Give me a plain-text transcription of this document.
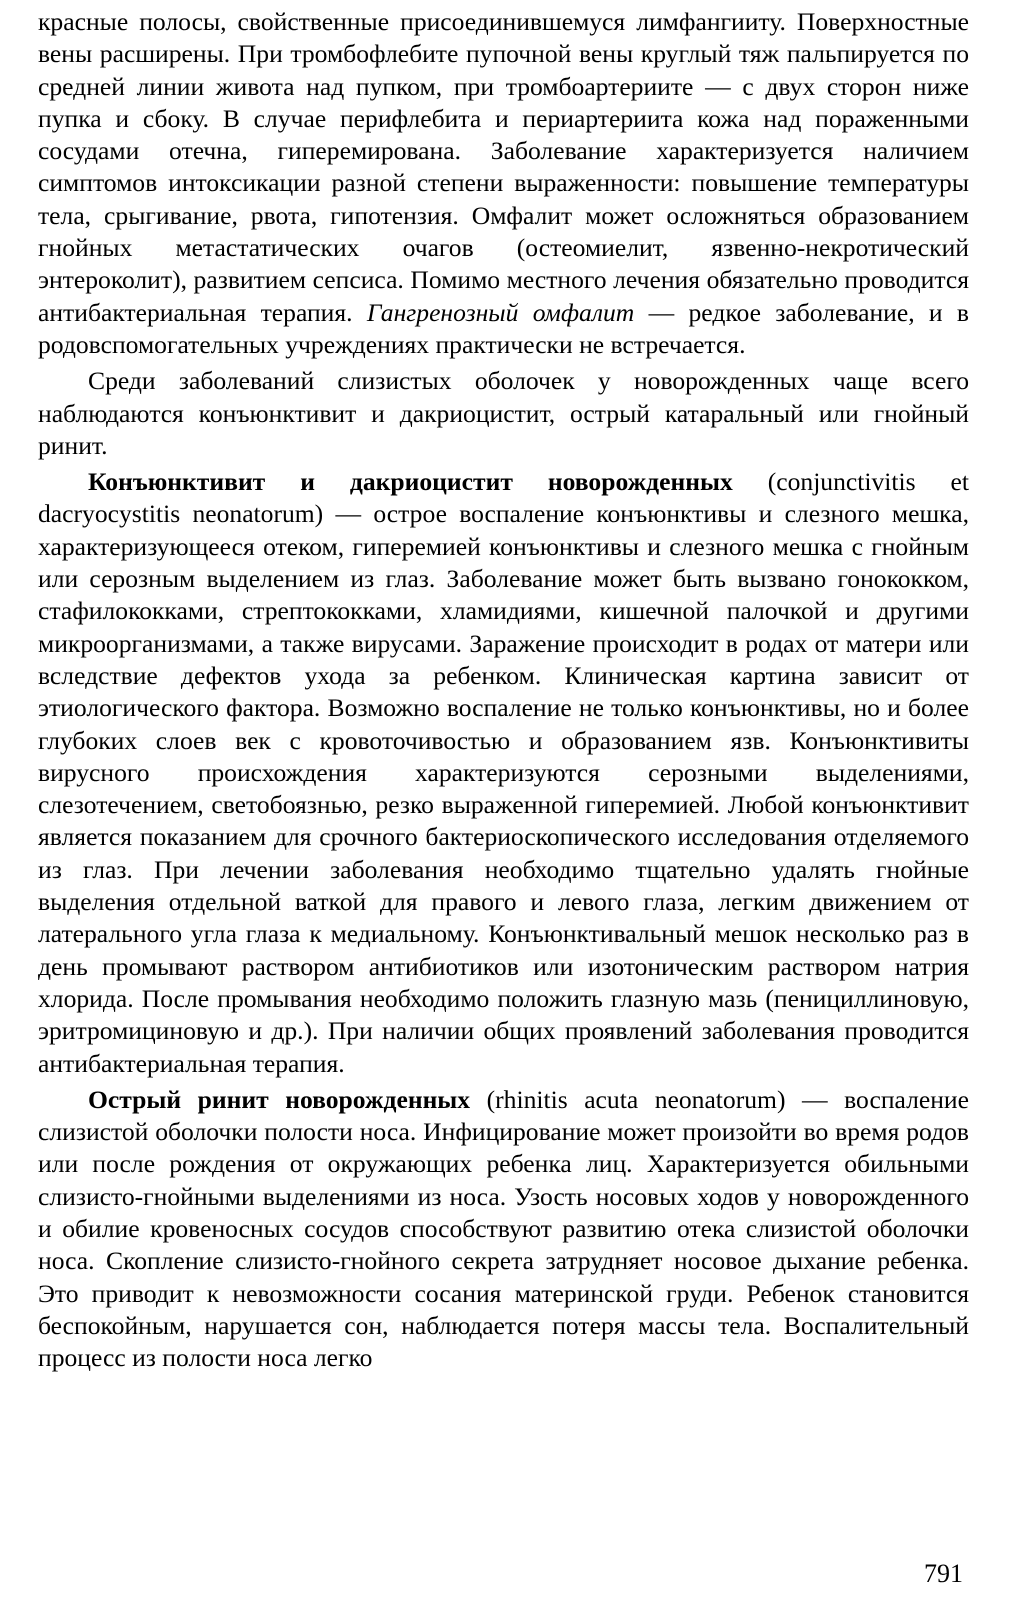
красные полосы, свойственные присоединившемуся лимфангииту. Поверхностные вены расширены. При тромбофлебите пупочной вены круглый тяж пальпируется по средней линии живота над пупком, при тромбоартериите — с двух сторон ниже пупка и сбоку. В случае перифлебита и периартериита кожа над пораженными сосудами отечна, гиперемирована. Заболевание характеризуется наличием симптомов интоксикации разной степени выраженности: повышение температуры тела, срыгивание, рвота, гипотензия. Омфалит может осложняться образованием гнойных метастатических очагов (остеомиелит, язвенно-некротический энтероколит), развитием сепсиса. Помимо местного лечения обязательно проводится антибактериальная терапия. Гангренозный омфалит — редкое заболевание, и в родовспомогательных учреждениях практически не встречается.

Среди заболеваний слизистых оболочек у новорожденных чаще всего наблюдаются конъюнктивит и дакриоцистит, острый катаральный или гнойный ринит.

Конъюнктивит и дакриоцистит новорожденных (conjunctivitis et dacryocystitis neonatorum) — острое воспаление конъюнктивы и слезного мешка, характеризующееся отеком, гиперемией конъюнктивы и слезного мешка с гнойным или серозным выделением из глаз. Заболевание может быть вызвано гонококком, стафилококками, стрептококками, хламидиями, кишечной палочкой и другими микроорганизмами, а также вирусами. Заражение происходит в родах от матери или вследствие дефектов ухода за ребенком. Клиническая картина зависит от этиологического фактора. Возможно воспаление не только конъюнктивы, но и более глубоких слоев век с кровоточивостью и образованием язв. Конъюнктивиты вирусного происхождения характеризуются серозными выделениями, слезотечением, светобоязнью, резко выраженной гиперемией. Любой конъюнктивит является показанием для срочного бактериоскопического исследования отделяемого из глаз. При лечении заболевания необходимо тщательно удалять гнойные выделения отдельной ваткой для правого и левого глаза, легким движением от латерального угла глаза к медиальному. Конъюнктивальный мешок несколько раз в день промывают раствором антибиотиков или изотоническим раствором натрия хлорида. После промывания необходимо положить глазную мазь (пенициллиновую, эритромициновую и др.). При наличии общих проявлений заболевания проводится антибактериальная терапия.

Острый ринит новорожденных (rhinitis acuta neonatorum) — воспаление слизистой оболочки полости носа. Инфицирование может произойти во время родов или после рождения от окружающих ребенка лиц. Характеризуется обильными слизисто-гнойными выделениями из носа. Узость носовых ходов у новорожденного и обилие кровеносных сосудов способствуют развитию отека слизистой оболочки носа. Скопление слизисто-гнойного секрета затрудняет носовое дыхание ребенка. Это приводит к невозможности сосания материнской груди. Ребенок становится беспокойным, нарушается сон, наблюдается потеря массы тела. Воспалительный процесс из полости носа легко

791
